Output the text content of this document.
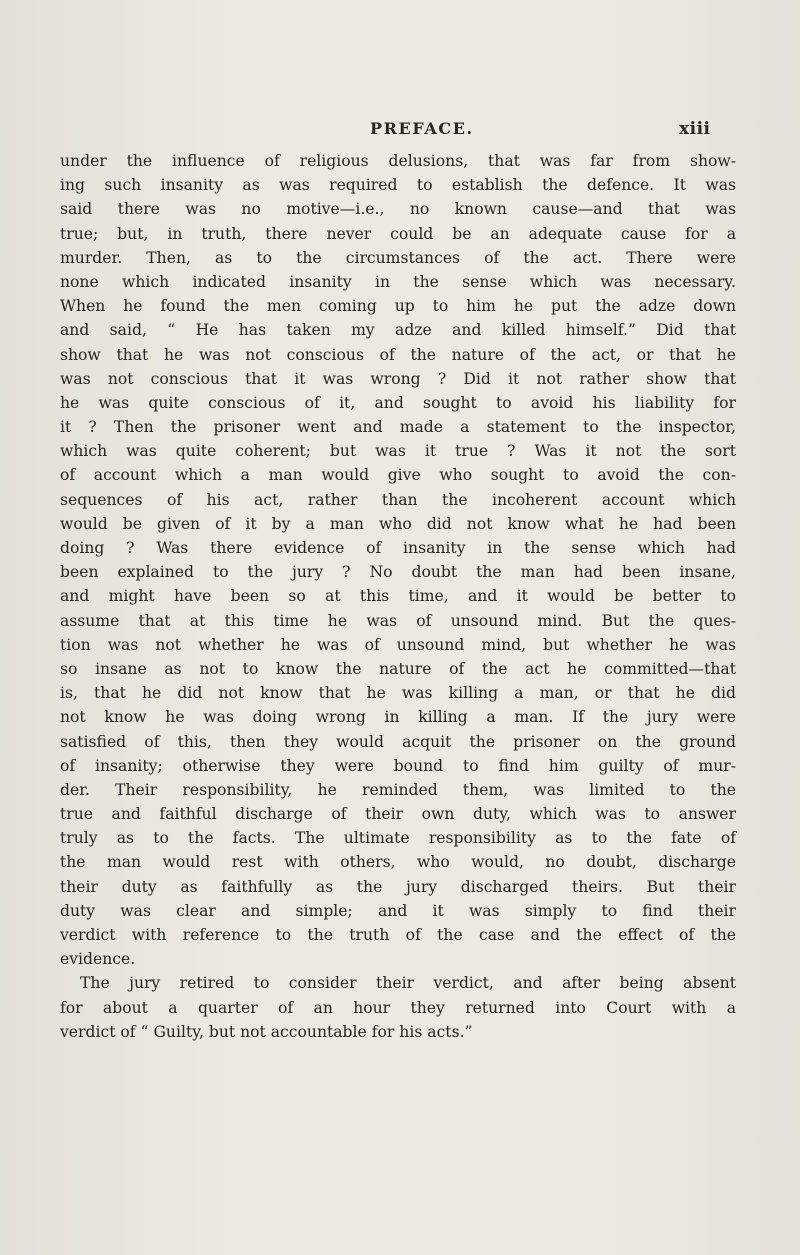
PREFACE.	xiii
under the influence of religious delusions, that was far from show-
ing such insanity as was required to establish the defence. It was
said there was no motive—i.e., no known cause—and that was
true; but, in truth, there never could be an adequate cause for a
murder. Then, as to the circumstances of the act. There were
none which indicated insanity in the sense which was necessary.
When he found the men coming up to him he put the adze down
and said, “ He has taken my adze and killed himself.” Did that
show that he was not conscious of the nature of the act, or that he
was not conscious that it was wrong ? Did it not rather show that
he was quite conscious of it, and sought to avoid his liability for
it ? Then the prisoner went and made a statement to the inspector,
which was quite coherent; but was it true ? Was it not the sort
of account which a man would give who sought to avoid the con-
sequences of his act, rather than the incoherent account which
would be given of it by a man who did not know what he had been
doing ? Was there evidence of insanity in the sense which had
been explained to the jury ? No doubt the man had been insane,
and might have been so at this time, and it would be better to
assume that at this time he was of unsound mind. But the ques-
tion was not whether he was of unsound mind, but whether he was
so insane as not to know the nature of the act he committed—that
is, that he did not know that he was killing a man, or that he did
not know he was doing wrong in killing a man. If the jury were
satisfied of this, then they would acquit the prisoner on the ground
of insanity; otherwise they were bound to find him guilty of mur-
der. Their responsibility, he reminded them, was limited to the
true and faithful discharge of their own duty, which was to answer
truly as to the facts. The ultimate responsibility as to the fate of
the man would rest with others, who would, no doubt, discharge
their duty as faithfully as the jury discharged theirs. But their
duty was clear and simple; and it was simply to find their
verdict with reference to the truth of the case and the effect of the
evidence.
The jury retired to consider their verdict, and after being absent
for about a quarter of an hour they returned into Court with a
verdict of “ Guilty, but not accountable for his acts.”
